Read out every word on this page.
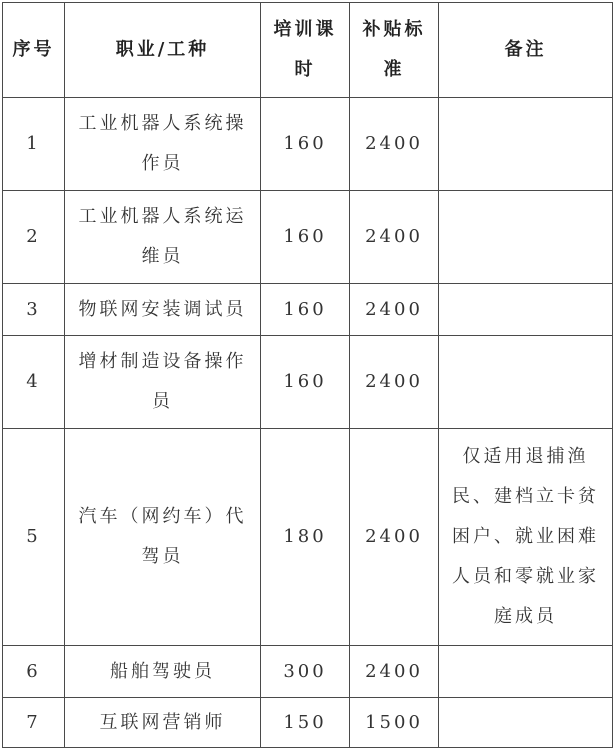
序号	职业/工种	培训课时	补贴标准	备注
1	工业机器人系统操作员	160	2400	
2	工业机器人系统运维员	160	2400	
3	物联网安装调试员	160	2400	
4	增材制造设备操作员	160	2400	
5	汽车（网约车）代驾员	180	2400	仅适用退捕渔民、建档立卡贫困户、就业困难人员和零就业家庭成员
6	船舶驾驶员	300	2400	
7	互联网营销师	150	1500	
